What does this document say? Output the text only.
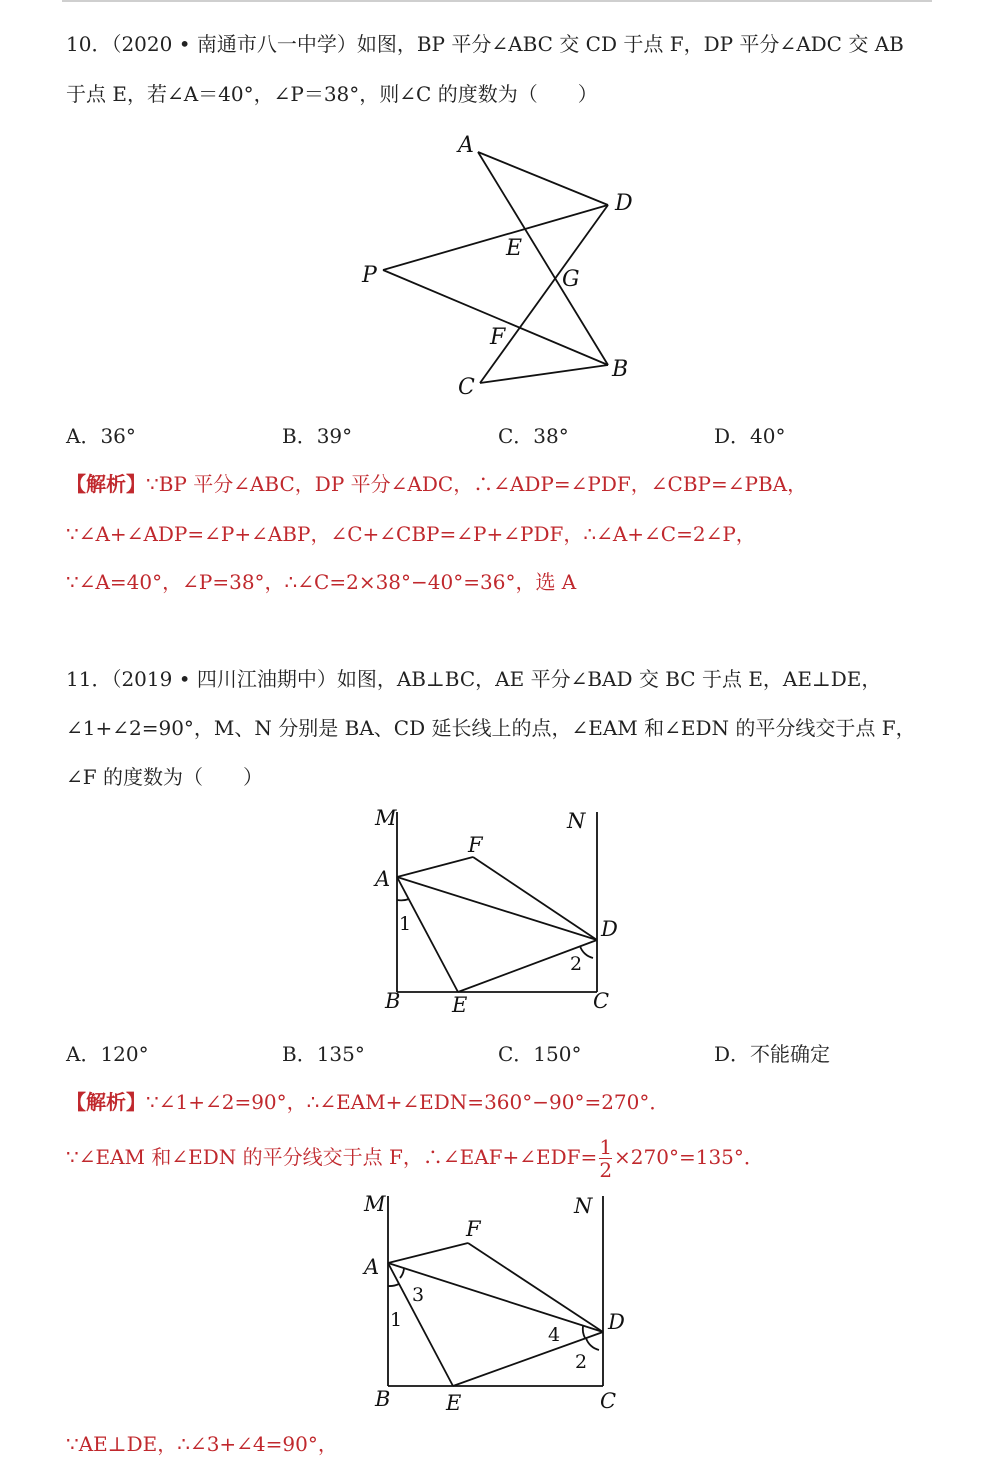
10．（2020 • 南通市八一中学）如图，BP 平分∠ABC 交 CD 于点 F，DP 平分∠ADC 交 AB
于点 E，若∠A＝40°，∠P＝38°，则∠C 的度数为（　　）
A
D
E
P	G
F
C
B
A．36°	B．39°	C．38°	D．40°
【解析】∵BP 平分∠ABC，DP 平分∠ADC，∴∠ADP=∠PDF，∠CBP=∠PBA，
∵∠A+∠ADP=∠P+∠ABP，∠C+∠CBP=∠P+∠PDF，∴∠A+∠C=2∠P，
∵∠A=40°，∠P=38°，∴∠C=2×38°−40°=36°，选 A
11．（2019 • 四川江油期中）如图，AB⊥BC，AE 平分∠BAD 交 BC 于点 E，AE⊥DE，
∠1+∠2=90°，M、N 分别是 BA、CD 延长线上的点，∠EAM 和∠EDN 的平分线交于点 F，
∠F 的度数为（　　）
M	N
F
A
D
1
2
B E	C
A．120°	B．135°	C．150°	D．不能确定
【解析】∵∠1+∠2=90°，∴∠EAM+∠EDN=360°−90°=270°．
∵∠EAM 和∠EDN 的平分线交于点 F，∴∠EAF+∠EDF= $\frac{1}{2} \times 270^\circ=135^\circ$．
M	N
F
A
D
3
1
4
2
B	E	C
∵AE⊥DE，∴∠3+∠4=90°，
